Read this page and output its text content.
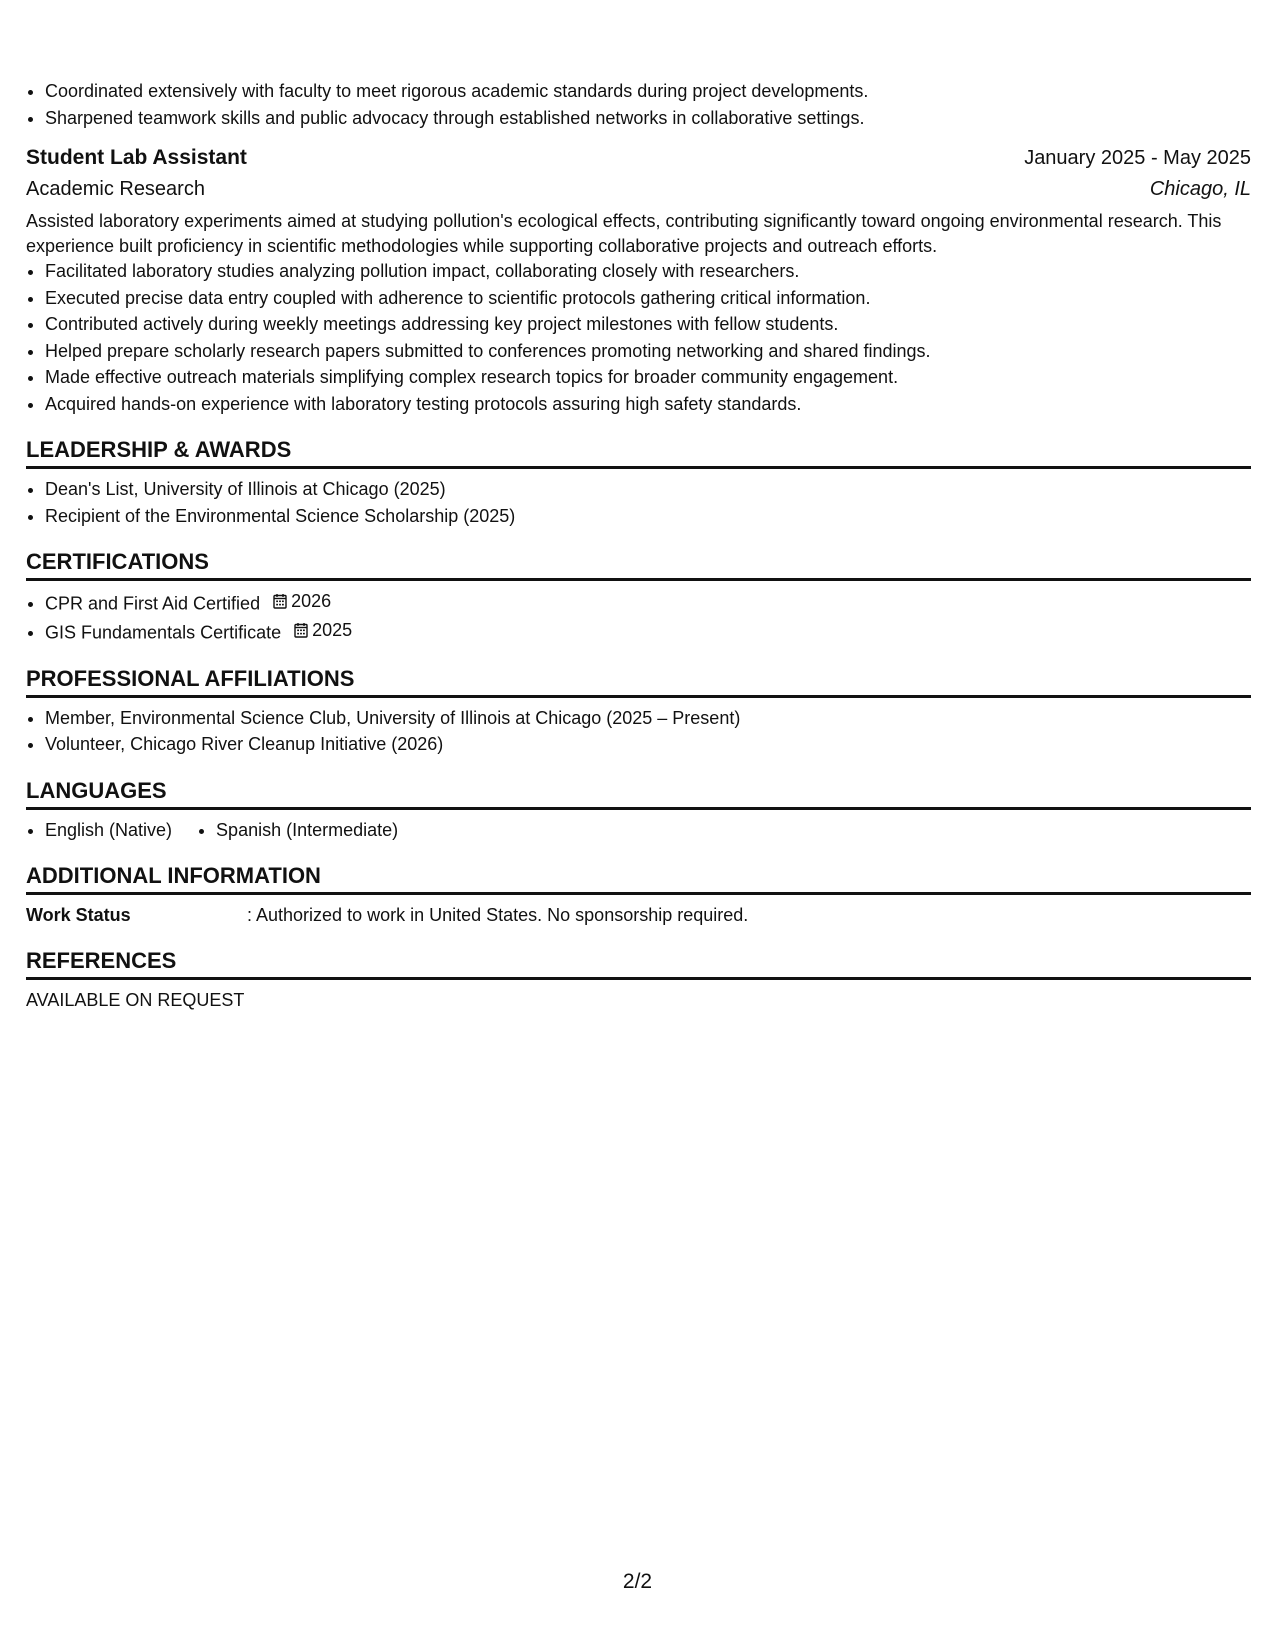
• Coordinated extensively with faculty to meet rigorous academic standards during project developments.
• Sharpened teamwork skills and public advocacy through established networks in collaborative settings.
Student Lab Assistant	January 2025 - May 2025
Academic Research	Chicago, IL
Assisted laboratory experiments aimed at studying pollution's ecological effects, contributing significantly toward ongoing environmental research. This experience built proficiency in scientific methodologies while supporting collaborative projects and outreach efforts.
• Facilitated laboratory studies analyzing pollution impact, collaborating closely with researchers.
• Executed precise data entry coupled with adherence to scientific protocols gathering critical information.
• Contributed actively during weekly meetings addressing key project milestones with fellow students.
• Helped prepare scholarly research papers submitted to conferences promoting networking and shared findings.
• Made effective outreach materials simplifying complex research topics for broader community engagement.
• Acquired hands-on experience with laboratory testing protocols assuring high safety standards.
LEADERSHIP & AWARDS
• Dean's List, University of Illinois at Chicago (2025)
• Recipient of the Environmental Science Scholarship (2025)
CERTIFICATIONS
• CPR and First Aid Certified 2026
• GIS Fundamentals Certificate 2025
PROFESSIONAL AFFILIATIONS
• Member, Environmental Science Club, University of Illinois at Chicago (2025 – Present)
• Volunteer, Chicago River Cleanup Initiative (2026)
LANGUAGES
• English (Native)
• Spanish (Intermediate)
ADDITIONAL INFORMATION
Work Status	: Authorized to work in United States. No sponsorship required.
REFERENCES
AVAILABLE ON REQUEST
2/2
